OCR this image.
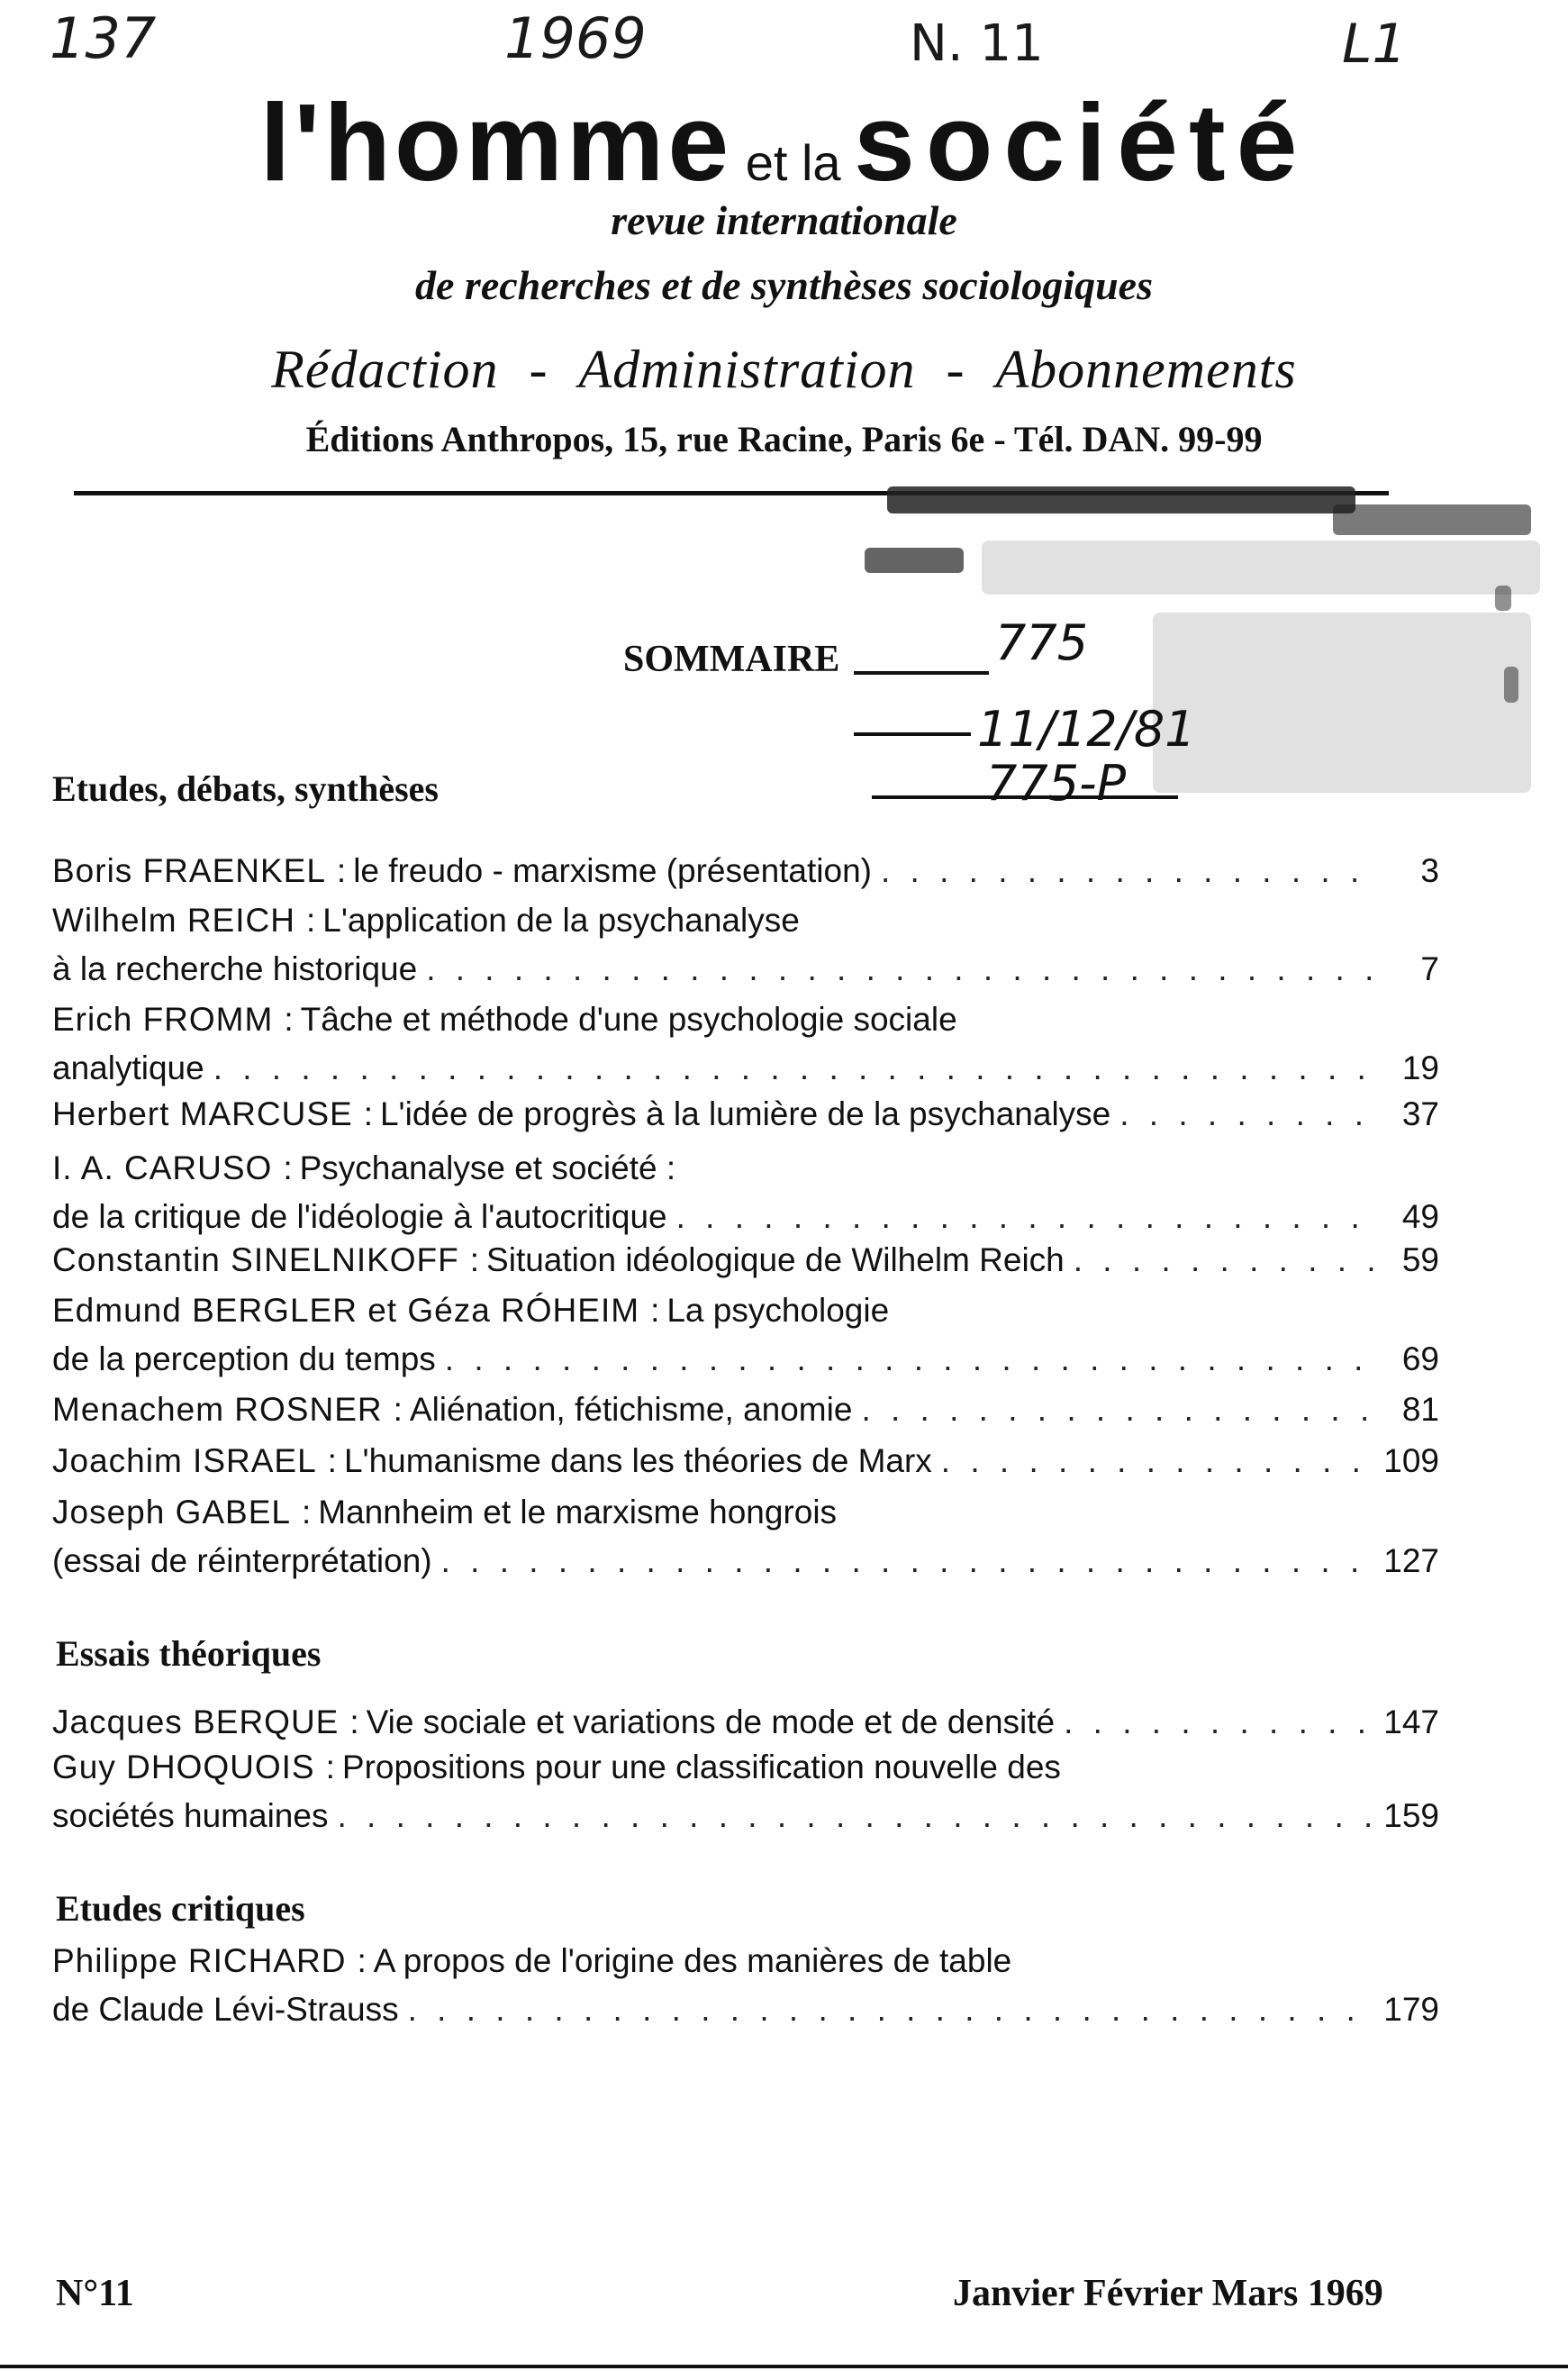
137	1969	N. 11	L1
l'homme et la société
revue internationale
de recherches et de synthèses sociologiques
Rédaction - Administration - Abonnements
Éditions Anthropos, 15, rue Racine, Paris 6e - Tél. DAN. 99-99
SOMMAIRE	775
11/12/81
775-P
Etudes, débats, synthèses
Boris FRAENKEL : le freudo - marxisme (présentation) . . .	3
Wilhelm REICH : L'application de la psychanalyse
à la recherche historique . . .	7
Erich FROMM : Tâche et méthode d'une psychologie sociale
analytique . . .	19
Herbert MARCUSE : L'idée de progrès à la lumière de la psychanalyse . . .	37
I. A. CARUSO : Psychanalyse et société :
de la critique de l'idéologie à l'autocritique . . .	49
Constantin SINELNIKOFF : Situation idéologique de Wilhelm Reich . . .	59
Edmund BERGLER et Géza RÓHEIM : La psychologie
de la perception du temps . . .	69
Menachem ROSNER : Aliénation, fétichisme, anomie . . .	81
Joachim ISRAEL : L'humanisme dans les théories de Marx . . .	109
Joseph GABEL : Mannheim et le marxisme hongrois
(essai de réinterprétation) . . .	127
Essais théoriques
Jacques BERQUE : Vie sociale et variations de mode et de densité . . .	147
Guy DHOQUOIS : Propositions pour une classification nouvelle des
sociétés humaines . . .	159
Etudes critiques
Philippe RICHARD : A propos de l'origine des manières de table
de Claude Lévi-Strauss . . .	179
N°11	Janvier Février Mars 1969
